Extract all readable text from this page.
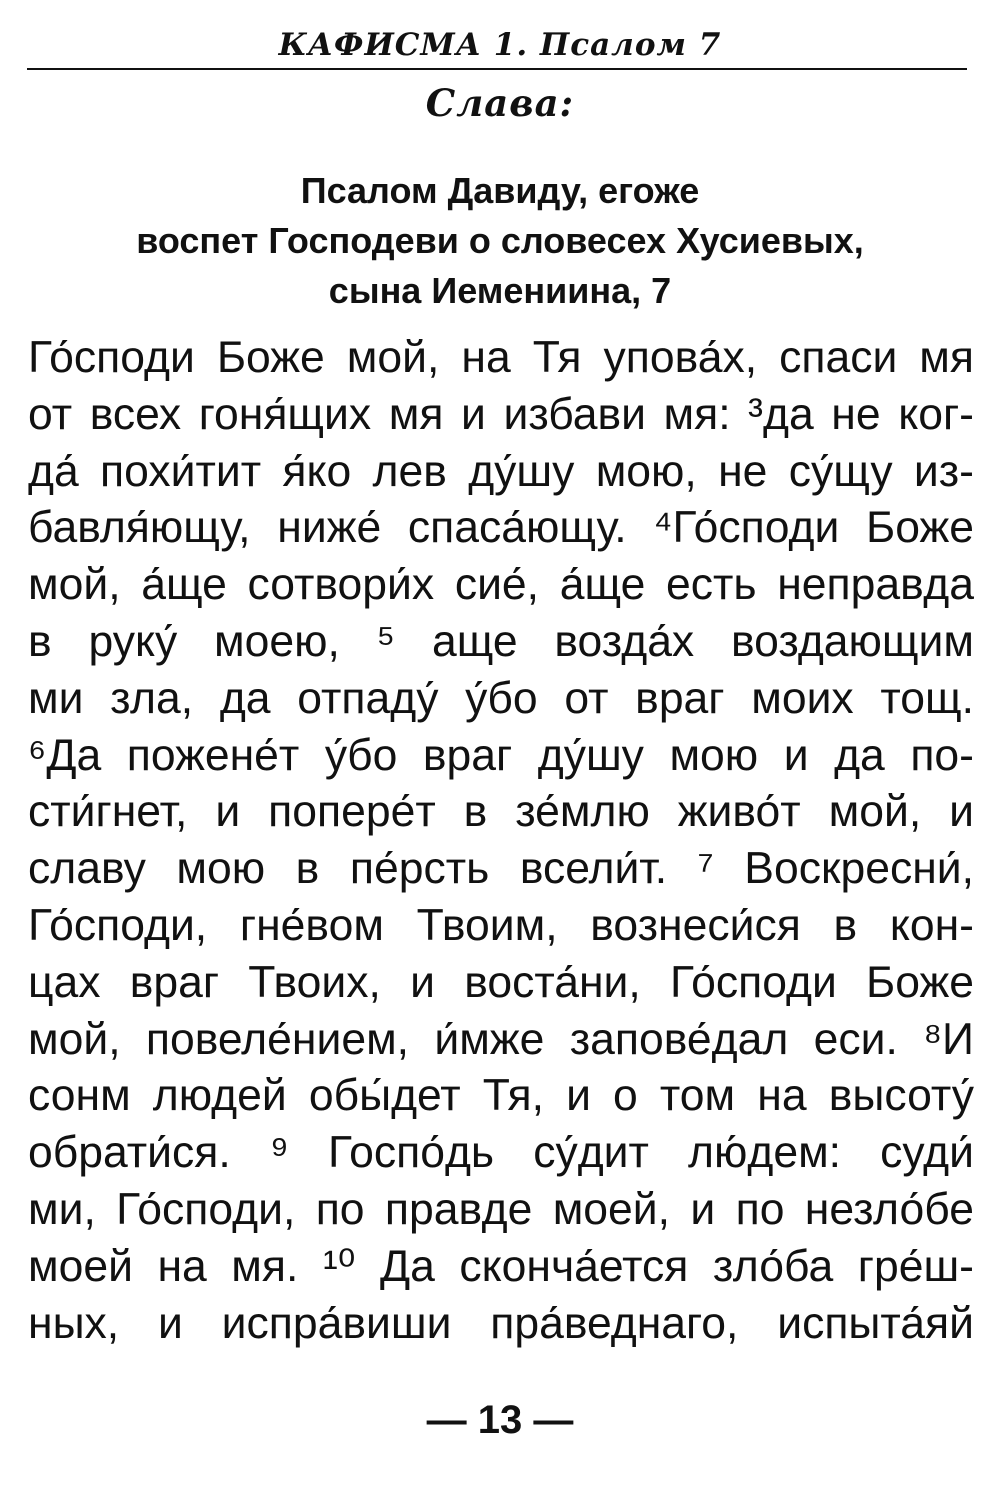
КАФИСМА 1. Псалом 7
Слава:
Псалом Давиду, егоже
воспет Господеви о словесех Хусиевых,
сына Иемениина, 7
Го́споди Боже мой, на Тя упова́х, спаси мя
от всех гоня́щих мя и избави мя: ³да не ког-
да́ похи́тит я́ко лев ду́шу мою, не су́щу из-
бавля́ющу, ниже́ спаса́ющу. ⁴Го́споди Боже
мой, а́ще сотвори́х сие́, а́ще есть неправда
в руку́ моею, ⁵ аще возда́х воздающим
ми зла, да отпаду́ у́бо от враг моих тощ.
⁶Да пожене́т у́бо враг ду́шу мою и да по-
сти́гнет, и попере́т в зе́млю живо́т мой, и
славу мою в пе́рсть всели́т. ⁷ Воскресни́,
Го́споди, гне́вом Твоим, вознеси́ся в кон-
цах враг Твоих, и воста́ни, Го́споди Боже
мой, повеле́нием, и́мже запове́дал еси. ⁸И
сонм людей обы́дет Тя, и о том на высоту́
обрати́ся. ⁹ Госпо́дь су́дит лю́дем: суди́
ми, Го́споди, по правде моей, и по незло́бе
моей на мя. ¹⁰ Да сконча́ется зло́ба гре́ш-
ных, и испра́виши пра́веднаго, испыта́яй
— 13 —
